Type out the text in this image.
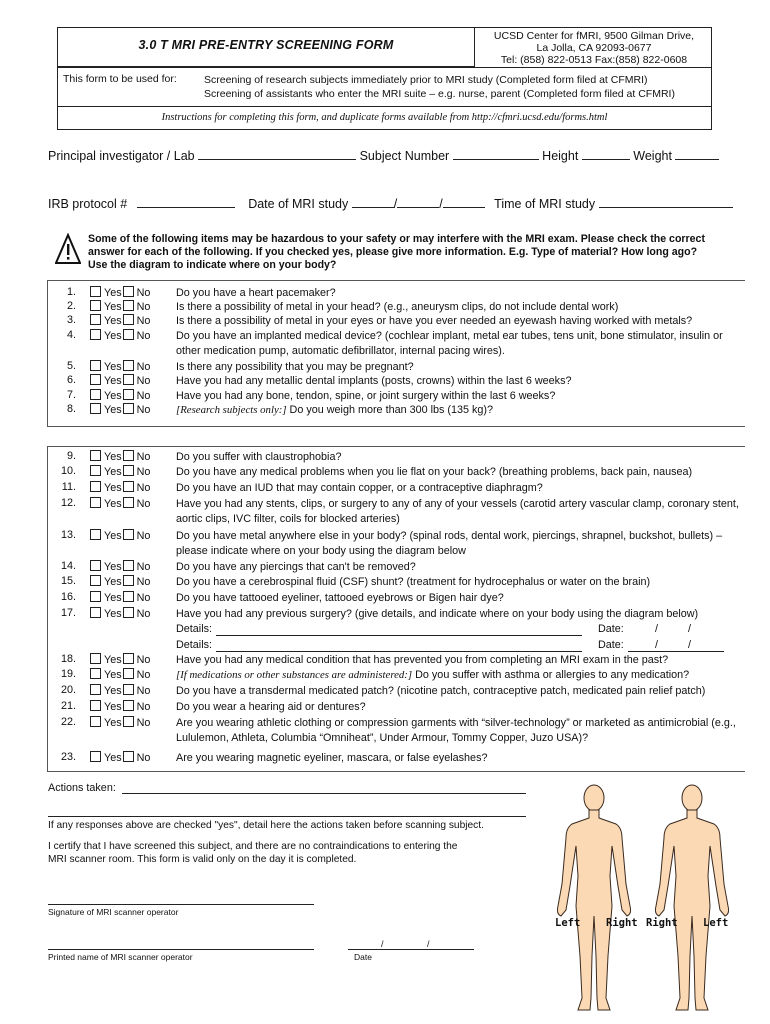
3.0 T MRI PRE-ENTRY SCREENING FORM
UCSD Center for fMRI, 9500 Gilman Drive,
La Jolla, CA 92093-0677
Tel: (858) 822-0513 Fax:(858) 822-0608
This form to be used for:	Screening of research subjects immediately prior to MRI study (Completed form filed at CFMRI)
Screening of assistants who enter the MRI suite – e.g. nurse, parent (Completed form filed at CFMRI)
Instructions for completing this form, and duplicate forms available from http://cfmri.ucsd.edu/forms.html
Principal investigator / Lab	Subject Number	Height	Weight
IRB protocol #	Date of MRI study	/	/	Time of MRI study
Some of the following items may be hazardous to your safety or may interfere with the MRI exam. Please check the correct answer for each of the following. If you checked yes, please give more information. E.g. Type of material? How long ago? Use the diagram to indicate where on your body?
1.	Yes No Do you have a heart pacemaker?
2.	Yes No Is there a possibility of metal in your head? (e.g., aneurysm clips, do not include dental work)
3.	Yes No Is there a possibility of metal in your eyes or have you ever needed an eyewash having worked with metals?
4.	Yes No Do you have an implanted medical device? (cochlear implant, metal ear tubes, tens unit, bone stimulator, insulin or other medication pump, automatic defibrillator, internal pacing wires).
5.	Yes No Is there any possibility that you may be pregnant?
6.	Yes No Have you had any metallic dental implants (posts, crowns) within the last 6 weeks?
7.	Yes No Have you had any bone, tendon, spine, or joint surgery within the last 6 weeks?
8.	Yes No [Research subjects only:] Do you weigh more than 300 lbs (135 kg)?
9.	Yes No Do you suffer with claustrophobia?
10.	Yes No Do you have any medical problems when you lie flat on your back? (breathing problems, back pain, nausea)
11.	Yes No Do you have an IUD that may contain copper, or a contraceptive diaphragm?
12.	Yes No Have you had any stents, clips, or surgery to any of any of your vessels (carotid artery vascular clamp, coronary stent, aortic clips, IVC filter, coils for blocked arteries)
13.	Yes No Do you have metal anywhere else in your body? (spinal rods, dental work, piercings, shrapnel, buckshot, bullets) – please indicate where on your body using the diagram below
14.	Yes No Do you have any piercings that can't be removed?
15.	Yes No Do you have a cerebrospinal fluid (CSF) shunt? (treatment for hydrocephalus or water on the brain)
16.	Yes No Do you have tattooed eyeliner, tattooed eyebrows or Bigen hair dye?
17.	Yes No Have you had any previous surgery? (give details, and indicate where on your body using the diagram below)
18.	Yes No Have you had any medical condition that has prevented you from completing an MRI exam in the past?
19.	Yes No [If medications or other substances are administered:] Do you suffer with asthma or allergies to any medication?
20.	Yes No Do you have a transdermal medicated patch? (nicotine patch, contraceptive patch, medicated pain relief patch)
21.	Yes No Do you wear a hearing aid or dentures?
22.	Yes No Are you wearing athletic clothing or compression garments with “silver-technology” or marketed as antimicrobial (e.g., Lululemon, Athleta, Columbia “Omniheat”, Under Armour, Tommy Copper, Juzo USA)?
23.	Yes No Are you wearing magnetic eyeliner, mascara, or false eyelashes?
Details:	Date:	/	/
Details:	Date:	/	/
Actions taken:
If any responses above are checked "yes", detail here the actions taken before scanning subject.
I certify that I have screened this subject, and there are no contraindications to entering the MRI scanner room. This form is valid only on the day it is completed.
Signature of MRI scanner operator
Printed name of MRI scanner operator
/	/
Date
Left Right Right Left
